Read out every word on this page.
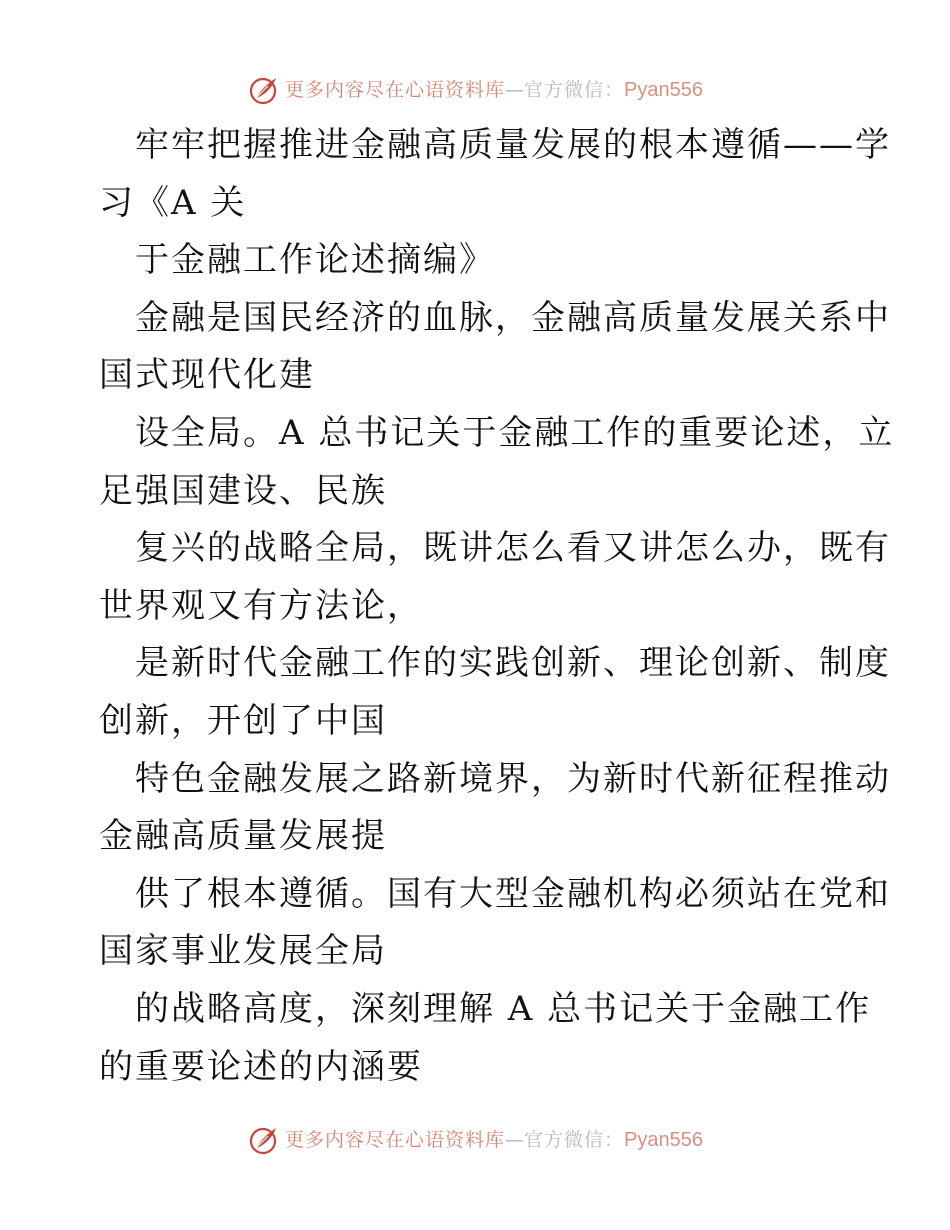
更多内容尽在心语资料库 — 官方微信： Pyan556
牢牢把握推进金融高质量发展的根本遵循——学
习《A 关
于金融工作论述摘编》
金融是国民经济的血脉，金融高质量发展关系中
国式现代化建
设全局。A 总书记关于金融工作的重要论述，立
足强国建设、民族
复兴的战略全局，既讲怎么看又讲怎么办，既有
世界观又有方法论，
是新时代金融工作的实践创新、理论创新、制度
创新，开创了中国
特色金融发展之路新境界，为新时代新征程推动
金融高质量发展提
供了根本遵循。国有大型金融机构必须站在党和
国家事业发展全局
的战略高度，深刻理解 A 总书记关于金融工作
的重要论述的内涵要
更多内容尽在心语资料库 — 官方微信： Pyan556
